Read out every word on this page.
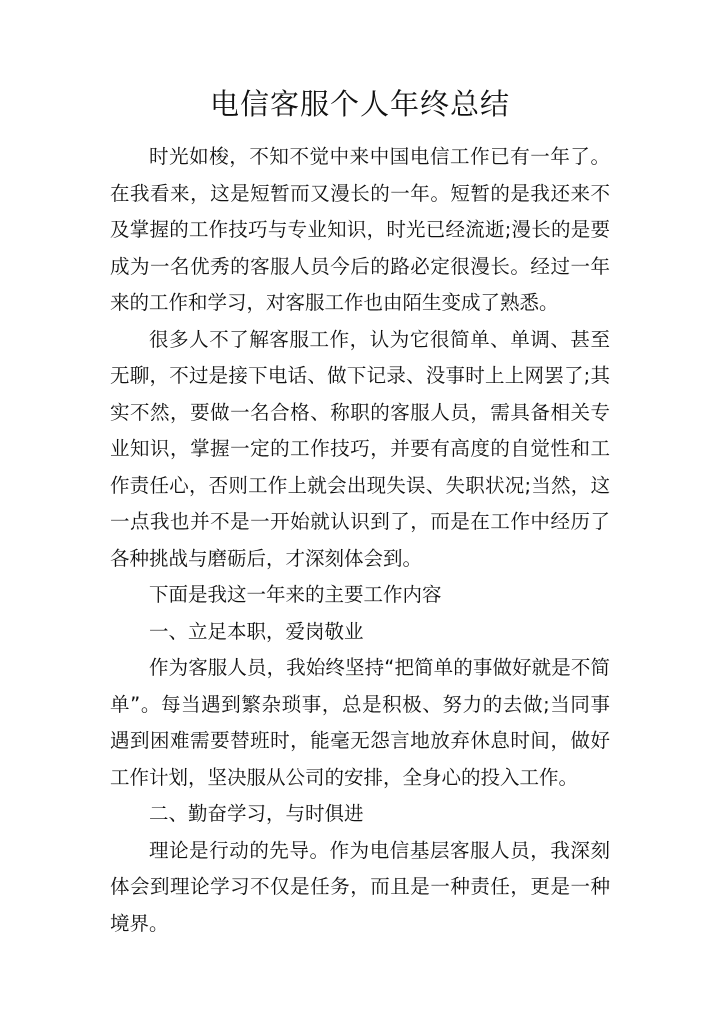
电信客服个人年终总结

时光如梭，不知不觉中来中国电信工作已有一年了。在我看来，这是短暂而又漫长的一年。短暂的是我还来不及掌握的工作技巧与专业知识，时光已经流逝;漫长的是要成为一名优秀的客服人员今后的路必定很漫长。经过一年来的工作和学习，对客服工作也由陌生变成了熟悉。

很多人不了解客服工作，认为它很简单、单调、甚至无聊，不过是接下电话、做下记录、没事时上上网罢了;其实不然，要做一名合格、称职的客服人员，需具备相关专业知识，掌握一定的工作技巧，并要有高度的自觉性和工作责任心，否则工作上就会出现失误、失职状况;当然，这一点我也并不是一开始就认识到了，而是在工作中经历了各种挑战与磨砺后，才深刻体会到。

下面是我这一年来的主要工作内容

一、立足本职，爱岗敬业

作为客服人员，我始终坚持“把简单的事做好就是不简单”。每当遇到繁杂琐事，总是积极、努力的去做;当同事遇到困难需要替班时，能毫无怨言地放弃休息时间，做好工作计划，坚决服从公司的安排，全身心的投入工作。

二、勤奋学习，与时俱进

理论是行动的先导。作为电信基层客服人员，我深刻体会到理论学习不仅是任务，而且是一种责任，更是一种境界。
